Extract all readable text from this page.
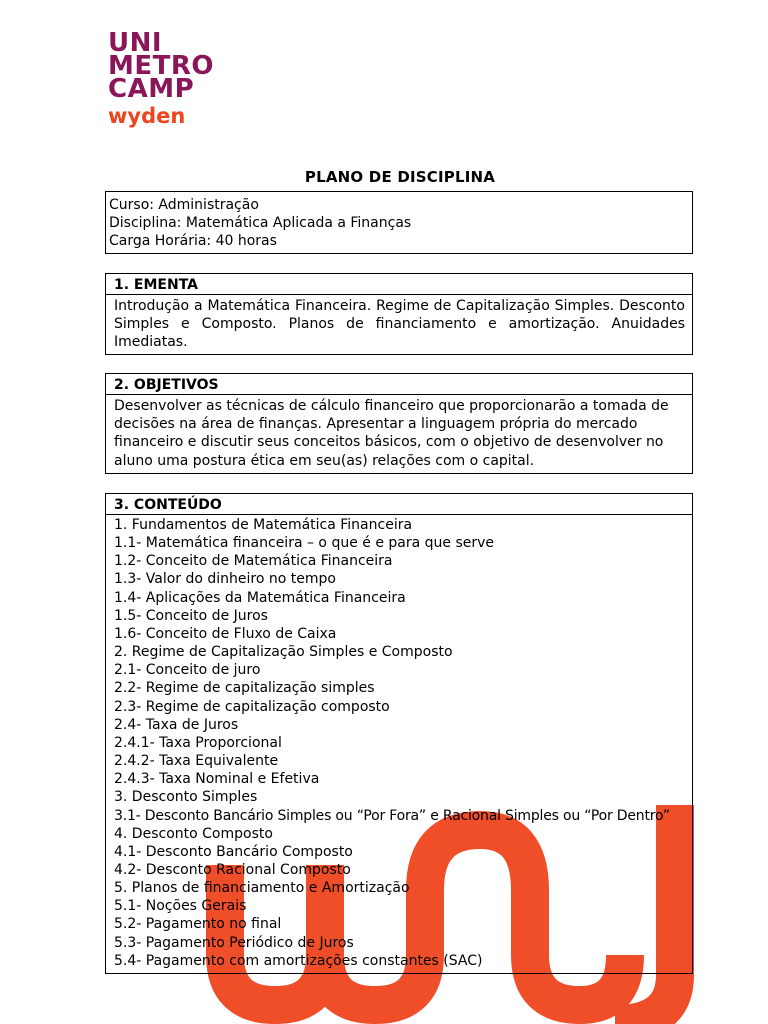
UNI
METRO
CAMP
wyden
PLANO DE DISCIPLINA
Curso: Administração
Disciplina: Matemática Aplicada a Finanças
Carga Horária: 40 horas
1. EMENTA
Introdução a Matemática Financeira. Regime de Capitalização Simples. Desconto Simples e Composto. Planos de financiamento e amortização. Anuidades Imediatas.
2. OBJETIVOS
Desenvolver as técnicas de cálculo financeiro que proporcionarão a tomada de decisões na área de finanças. Apresentar a linguagem própria do mercado financeiro e discutir seus conceitos básicos, com o objetivo de desenvolver no aluno uma postura ética em seu(as) relações com o capital.
3. CONTEÚDO
1. Fundamentos de Matemática Financeira
1.1- Matemática financeira – o que é e para que serve
1.2- Conceito de Matemática Financeira
1.3- Valor do dinheiro no tempo
1.4- Aplicações da Matemática Financeira
1.5- Conceito de Juros
1.6- Conceito de Fluxo de Caixa
2. Regime de Capitalização Simples e Composto
2.1- Conceito de juro
2.2- Regime de capitalização simples
2.3- Regime de capitalização composto
2.4- Taxa de Juros
2.4.1- Taxa Proporcional
2.4.2- Taxa Equivalente
2.4.3- Taxa Nominal e Efetiva
3. Desconto Simples
3.1- Desconto Bancário Simples ou “Por Fora” e Racional Simples ou “Por Dentro”
4. Desconto Composto
4.1- Desconto Bancário Composto
4.2- Desconto Racional Composto
5. Planos de financiamento e Amortização
5.1- Noções Gerais
5.2- Pagamento no final
5.3- Pagamento Periódico de Juros
5.4- Pagamento com amortizações constantes (SAC)
